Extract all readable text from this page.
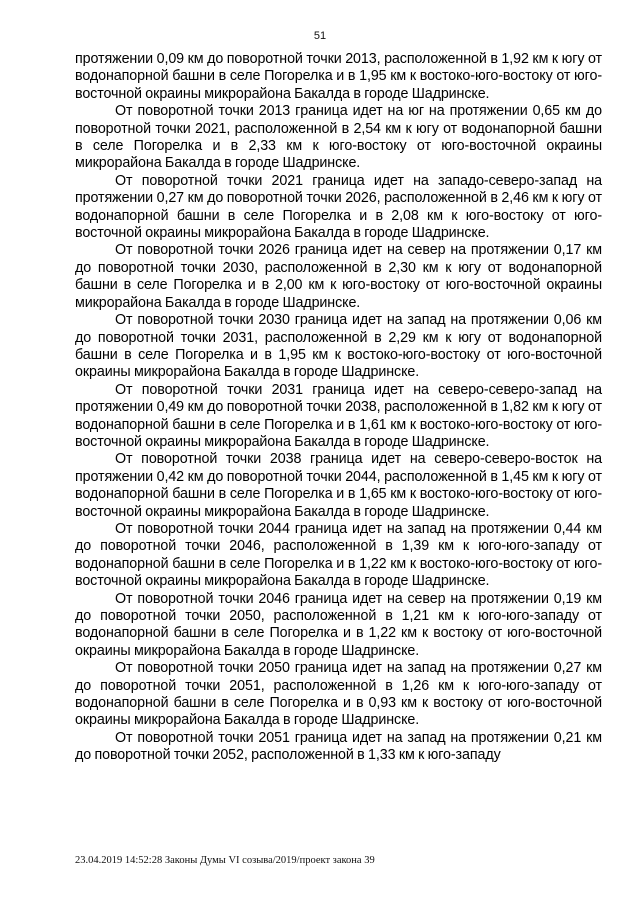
51

протяжении 0,09 км до поворотной точки 2013, расположенной в 1,92 км к югу от водонапорной башни в селе Погорелка и в 1,95 км к востоко-юго-востоку от юго-восточной окраины микрорайона Бакалда в городе Шадринске.

От поворотной точки 2013 граница идет на юг на протяжении 0,65 км до поворотной точки 2021, расположенной в 2,54 км к югу от водонапорной башни в селе Погорелка и в 2,33 км к юго-востоку от юго-восточной окраины микрорайона Бакалда в городе Шадринске.

От поворотной точки 2021 граница идет на западо-северо-запад на протяжении 0,27 км до поворотной точки 2026, расположенной в 2,46 км к югу от водонапорной башни в селе Погорелка и в 2,08 км к юго-востоку от юго-восточной окраины микрорайона Бакалда в городе Шадринске.

От поворотной точки 2026 граница идет на север на протяжении 0,17 км до поворотной точки 2030, расположенной в 2,30 км к югу от водонапорной башни в селе Погорелка и в 2,00 км к юго-востоку от юго-восточной окраины микрорайона Бакалда в городе Шадринске.

От поворотной точки 2030 граница идет на запад на протяжении 0,06 км до поворотной точки 2031, расположенной в 2,29 км к югу от водонапорной башни в селе Погорелка и в 1,95 км к востоко-юго-востоку от юго-восточной окраины микрорайона Бакалда в городе Шадринске.

От поворотной точки 2031 граница идет на северо-северо-запад на протяжении 0,49 км до поворотной точки 2038, расположенной в 1,82 км к югу от водонапорной башни в селе Погорелка и в 1,61 км к востоко-юго-востоку от юго-восточной окраины микрорайона Бакалда в городе Шадринске.

От поворотной точки 2038 граница идет на северо-северо-восток на протяжении 0,42 км до поворотной точки 2044, расположенной в 1,45 км к югу от водонапорной башни в селе Погорелка и в 1,65 км к востоко-юго-востоку от юго-восточной окраины микрорайона Бакалда в городе Шадринске.

От поворотной точки 2044 граница идет на запад на протяжении 0,44 км до поворотной точки 2046, расположенной в 1,39 км к юго-юго-западу от водонапорной башни в селе Погорелка и в 1,22 км к востоко-юго-востоку от юго-восточной окраины микрорайона Бакалда в городе Шадринске.

От поворотной точки 2046 граница идет на север на протяжении 0,19 км до поворотной точки 2050, расположенной в 1,21 км к юго-юго-западу от водонапорной башни в селе Погорелка и в 1,22 км к востоку от юго-восточной окраины микрорайона Бакалда в городе Шадринске.

От поворотной точки 2050 граница идет на запад на протяжении 0,27 км до поворотной точки 2051, расположенной в 1,26 км к юго-юго-западу от водонапорной башни в селе Погорелка и в 0,93 км к востоку от юго-восточной окраины микрорайона Бакалда в городе Шадринске.

От поворотной точки 2051 граница идет на запад на протяжении 0,21 км до поворотной точки 2052, расположенной в 1,33 км к юго-западу

23.04.2019 14:52:28 Законы Думы VI созыва/2019/проект закона 39
